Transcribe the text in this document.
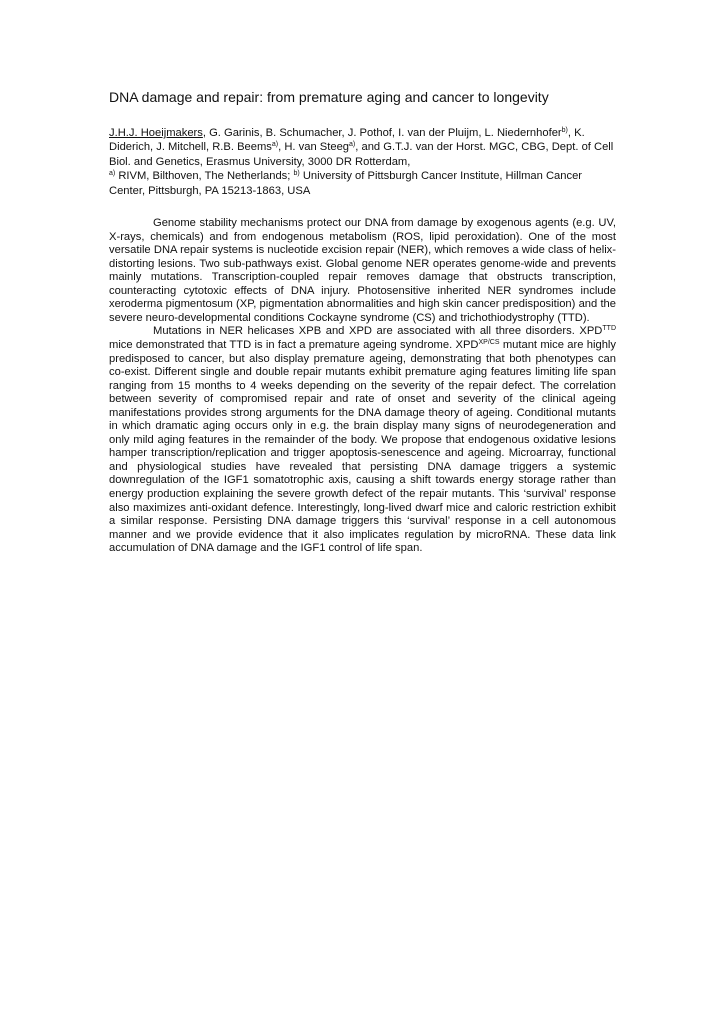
DNA damage and repair: from premature aging and cancer to longevity

J.H.J. Hoeijmakers, G. Garinis, B. Schumacher, J. Pothof, I. van der Pluijm, L. Niedernhofer$^{b)}$, K. Diderich, J. Mitchell, R.B. Beems$^{a)}$, H. van Steeg$^{a)}$, and G.T.J. van der Horst. MGC, CBG, Dept. of Cell Biol. and Genetics, Erasmus University, 3000 DR Rotterdam,

$^{a)}$ RIVM, Bilthoven, The Netherlands; $^{b)}$ University of Pittsburgh Cancer Institute, Hillman Cancer Center, Pittsburgh, PA 15213-1863, USA

Genome stability mechanisms protect our DNA from damage by exogenous agents (e.g. UV, X-rays, chemicals) and from endogenous metabolism (ROS, lipid peroxidation). One of the most versatile DNA repair systems is nucleotide excision repair (NER), which removes a wide class of helix-distorting lesions. Two sub-pathways exist. Global genome NER operates genome-wide and prevents mainly mutations. Transcription-coupled repair removes damage that obstructs transcription, counteracting cytotoxic effects of DNA injury. Photosensitive inherited NER syndromes include xeroderma pigmentosum (XP, pigmentation abnormalities and high skin cancer predisposition) and the severe neuro-developmental conditions Cockayne syndrome (CS) and trichothiodystrophy (TTD).

Mutations in NER helicases XPB and XPD are associated with all three disorders. $XPD^{TTD}$ mice demonstrated that TTD is in fact a premature ageing syndrome. $XPD^{XP/CS}$ mutant mice are highly predisposed to cancer, but also display premature ageing, demonstrating that both phenotypes can co-exist. Different single and double repair mutants exhibit premature aging features limiting life span ranging from 15 months to 4 weeks depending on the severity of the repair defect. The correlation between severity of compromised repair and rate of onset and severity of the clinical ageing manifestations provides strong arguments for the DNA damage theory of ageing. Conditional mutants in which dramatic aging occurs only in e.g. the brain display many signs of neurodegeneration and only mild aging features in the remainder of the body. We propose that endogenous oxidative lesions hamper transcription/replication and trigger apoptosis-senescence and ageing. Microarray, functional and physiological studies have revealed that persisting DNA damage triggers a systemic downregulation of the IGF1 somatotrophic axis, causing a shift towards energy storage rather than energy production explaining the severe growth defect of the repair mutants. This ‘survival’ response also maximizes anti-oxidant defence. Interestingly, long-lived dwarf mice and caloric restriction exhibit a similar response. Persisting DNA damage triggers this ‘survival’ response in a cell autonomous manner and we provide evidence that it also implicates regulation by microRNA. These data link accumulation of DNA damage and the IGF1 control of life span.
